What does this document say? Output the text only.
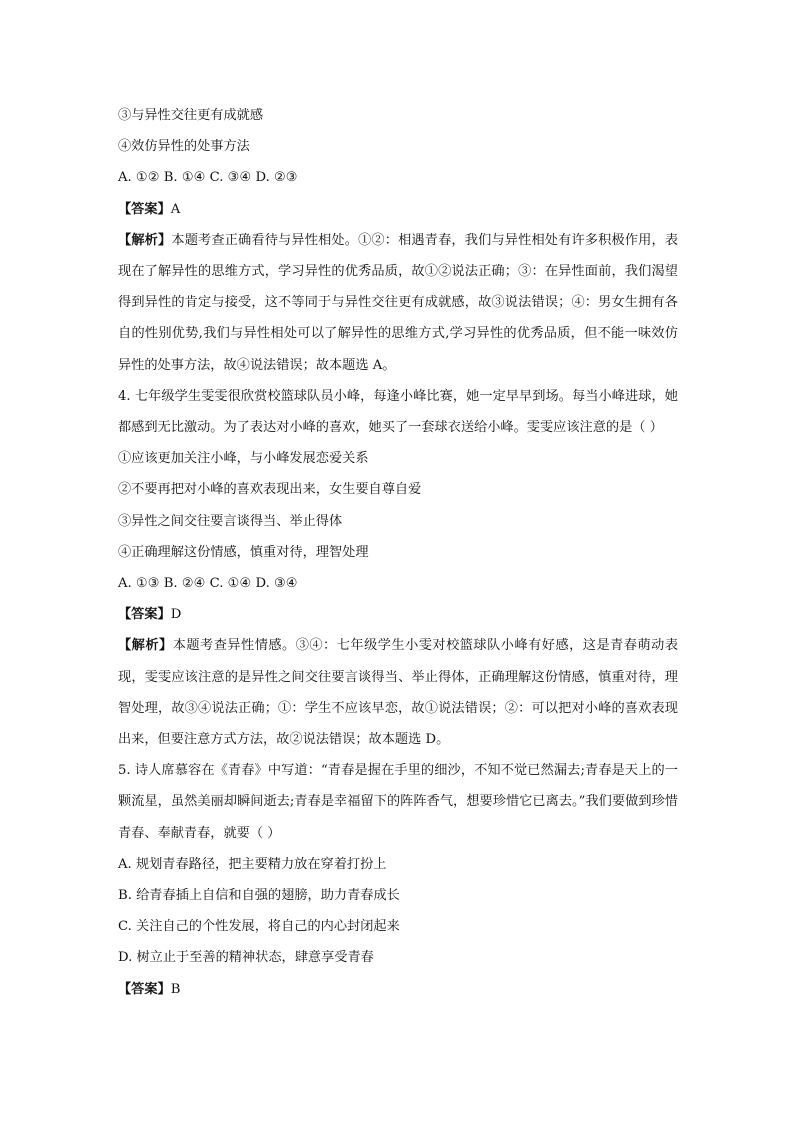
③与异性交往更有成就感

④效仿异性的处事方法

A. ①② B. ①④ C. ③④ D. ②③

【答案】A

【解析】本题考查正确看待与异性相处。①②：相遇青春，我们与异性相处有许多积极作用，表现在了解异性的思维方式，学习异性的优秀品质，故①②说法正确；③：在异性面前，我们渴望得到异性的肯定与接受，这不等同于与异性交往更有成就感，故③说法错误；④：男女生拥有各自的性别优势,我们与异性相处可以了解异性的思维方式,学习异性的优秀品质，但不能一味效仿异性的处事方法，故④说法错误；故本题选 A。

4. 七年级学生雯雯很欣赏校篮球队员小峰，每逢小峰比赛，她一定早早到场。每当小峰进球，她都感到无比激动。为了表达对小峰的喜欢，她买了一套球衣送给小峰。雯雯应该注意的是（ ）

①应该更加关注小峰，与小峰发展恋爱关系

②不要再把对小峰的喜欢表现出来，女生要自尊自爱

③异性之间交往要言谈得当、举止得体

④正确理解这份情感，慎重对待，理智处理

A. ①③ B. ②④ C. ①④ D. ③④

【答案】D

【解析】本题考查异性情感。③④：七年级学生小雯对校篮球队小峰有好感，这是青春萌动表现，雯雯应该注意的是异性之间交往要言谈得当、举止得体，正确理解这份情感，慎重对待，理智处理，故③④说法正确；①：学生不应该早恋，故①说法错误；②：可以把对小峰的喜欢表现出来，但要注意方式方法，故②说法错误；故本题选 D。

5. 诗人席慕容在《青春》中写道：“青春是握在手里的细沙，不知不觉已然漏去;青春是天上的一颗流星，虽然美丽却瞬间逝去;青春是幸福留下的阵阵香气，想要珍惜它已离去。”我们要做到珍惜青春、奉献青春，就要（ ）

A. 规划青春路径，把主要精力放在穿着打扮上

B. 给青春插上自信和自强的翅膀，助力青春成长

C. 关注自己的个性发展，将自己的内心封闭起来

D. 树立止于至善的精神状态，肆意享受青春

【答案】B
